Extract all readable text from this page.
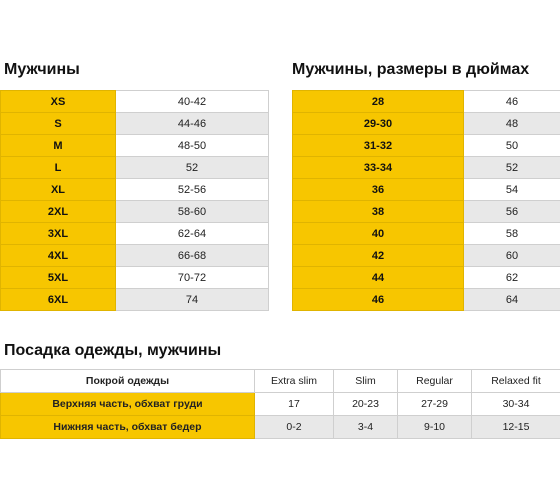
Мужчины	Мужчины, размеры в дюймах
XS	40-42
S	44-46
M	48-50
L	52
XL	52-56
2XL	58-60
3XL	62-64
4XL	66-68
5XL	70-72
6XL	74
28	46
29-30	48
31-32	50
33-34	52
36	54
38	56
40	58
42	60
44	62
46	64
Посадка одежды, мужчины
Покрой одежды	Extra slim	Slim	Regular	Relaxed fit
Верхняя часть, обхват груди	17	20-23	27-29	30-34
Нижняя часть, обхват бедер	0-2	3-4	9-10	12-15
